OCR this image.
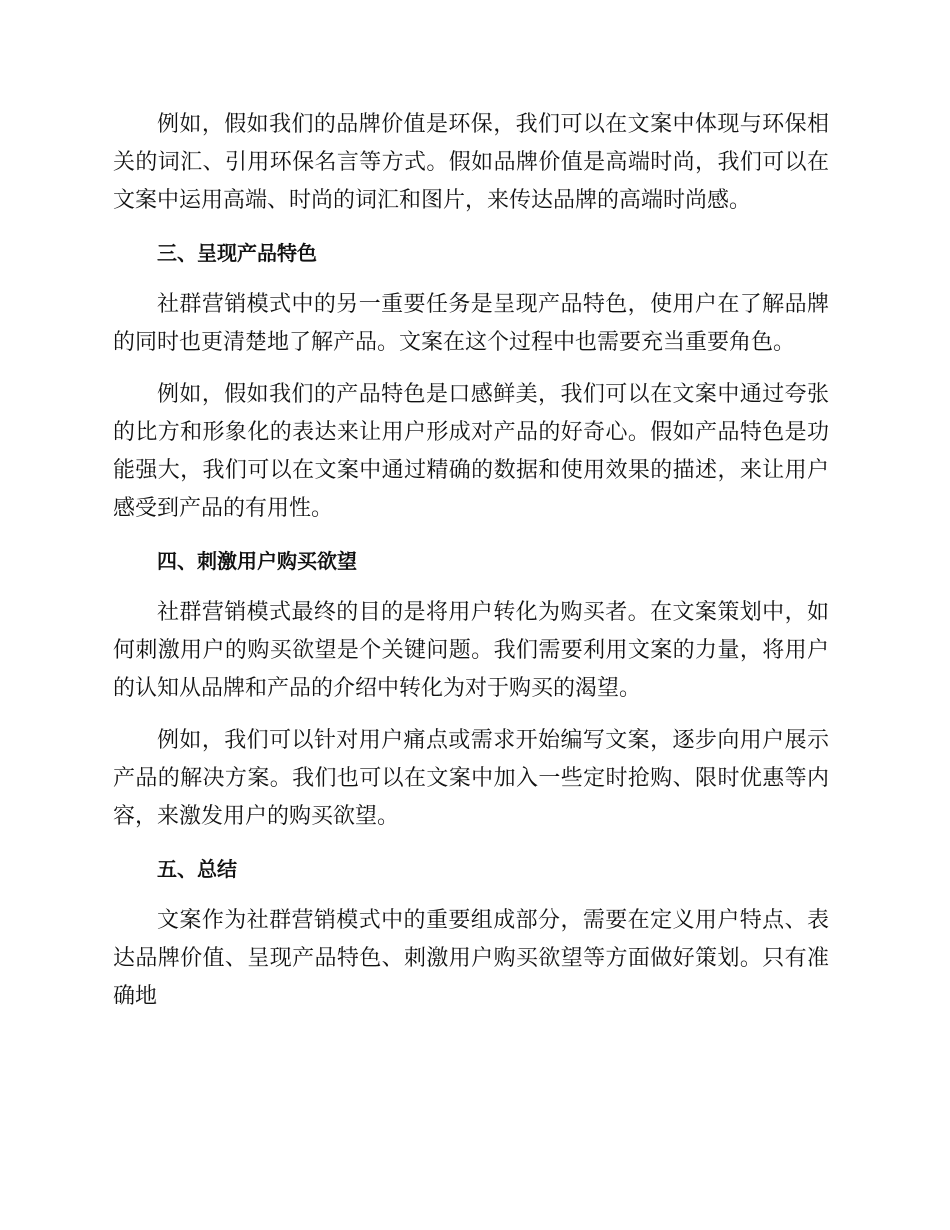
例如，假如我们的品牌价值是环保，我们可以在文案中体现与环保相关的词汇、引用环保名言等方式。假如品牌价值是高端时尚，我们可以在文案中运用高端、时尚的词汇和图片，来传达品牌的高端时尚感。

三、呈现产品特色

社群营销模式中的另一重要任务是呈现产品特色，使用户在了解品牌的同时也更清楚地了解产品。文案在这个过程中也需要充当重要角色。

例如，假如我们的产品特色是口感鲜美，我们可以在文案中通过夸张的比方和形象化的表达来让用户形成对产品的好奇心。假如产品特色是功能强大，我们可以在文案中通过精确的数据和使用效果的描述，来让用户感受到产品的有用性。

四、刺激用户购买欲望

社群营销模式最终的目的是将用户转化为购买者。在文案策划中，如何刺激用户的购买欲望是个关键问题。我们需要利用文案的力量，将用户的认知从品牌和产品的介绍中转化为对于购买的渴望。

例如，我们可以针对用户痛点或需求开始编写文案，逐步向用户展示产品的解决方案。我们也可以在文案中加入一些定时抢购、限时优惠等内容，来激发用户的购买欲望。

五、总结

文案作为社群营销模式中的重要组成部分，需要在定义用户特点、表达品牌价值、呈现产品特色、刺激用户购买欲望等方面做好策划。只有准确地
